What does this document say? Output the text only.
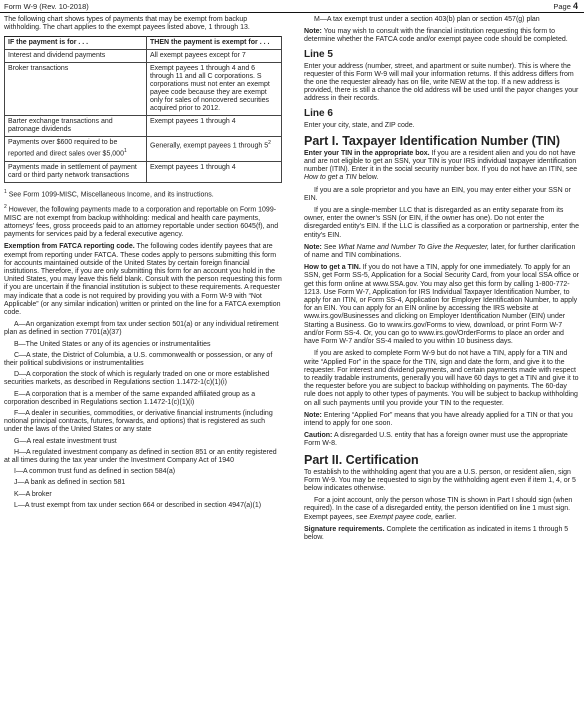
Form W-9 (Rev. 10-2018)	Page 4

The following chart shows types of payments that may be exempt from backup withholding. The chart applies to the exempt payees listed above, 1 through 13.

IF the payment is for . . .	THEN the payment is exempt for . . .
Interest and dividend payments	All exempt payees except for 7
Broker transactions	Exempt payees 1 through 4 and 6 through 11 and all C corporations. S corporations must not enter an exempt payee code because they are exempt only for sales of noncovered securities acquired prior to 2012.
Barter exchange transactions and patronage dividends	Exempt payees 1 through 4
Payments over $600 required to be reported and direct sales over $5,000$^1$	Generally, exempt payees 1 through $5^2$
Payments made in settlement of payment card or third party network transactions	Exempt payees 1 through 4

$^1$ See Form 1099-MISC, Miscellaneous Income, and its instructions.

$^2$ However, the following payments made to a corporation and reportable on Form 1099-MISC are not exempt from backup withholding: medical and health care payments, attorneys' fees, gross proceeds paid to an attorney reportable under section 6045(f), and payments for services paid by a federal executive agency.

Exemption from FATCA reporting code. The following codes identify payees that are exempt from reporting under FATCA. These codes apply to persons submitting this form for accounts maintained outside of the United States by certain foreign financial institutions. Therefore, if you are only submitting this form for an account you hold in the United States, you may leave this field blank. Consult with the person requesting this form if you are uncertain if the financial institution is subject to these requirements. A requester may indicate that a code is not required by providing you with a Form W-9 with “Not Applicable” (or any similar indication) written or printed on the line for a FATCA exemption code.

A—An organization exempt from tax under section 501(a) or any individual retirement plan as defined in section 7701(a)(37)

B—The United States or any of its agencies or instrumentalities

C—A state, the District of Columbia, a U.S. commonwealth or possession, or any of their political subdivisions or instrumentalities

D—A corporation the stock of which is regularly traded on one or more established securities markets, as described in Regulations section 1.1472-1(c)(1)(i)

E—A corporation that is a member of the same expanded affiliated group as a corporation described in Regulations section 1.1472-1(c)(1)(i)

F—A dealer in securities, commodities, or derivative financial instruments (including notional principal contracts, futures, forwards, and options) that is registered as such under the laws of the United States or any state

G—A real estate investment trust

H—A regulated investment company as defined in section 851 or an entity registered at all times during the tax year under the Investment Company Act of 1940

I—A common trust fund as defined in section 584(a)

J—A bank as defined in section 581

K—A broker

L—A trust exempt from tax under section 664 or described in section 4947(a)(1)

M—A tax exempt trust under a section 403(b) plan or section 457(g) plan

Note: You may wish to consult with the financial institution requesting this form to determine whether the FATCA code and/or exempt payee code should be completed.

Line 5

Enter your address (number, street, and apartment or suite number). This is where the requester of this Form W-9 will mail your information returns. If this address differs from the one the requester already has on file, write NEW at the top. If a new address is provided, there is still a chance the old address will be used until the payor changes your address in their records.

Line 6

Enter your city, state, and ZIP code.

Part I. Taxpayer Identification Number (TIN)

Enter your TIN in the appropriate box. If you are a resident alien and you do not have and are not eligible to get an SSN, your TIN is your IRS individual taxpayer identification number (ITIN). Enter it in the social security number box. If you do not have an ITIN, see How to get a TIN below.

If you are a sole proprietor and you have an EIN, you may enter either your SSN or EIN.

If you are a single-member LLC that is disregarded as an entity separate from its owner, enter the owner’s SSN (or EIN, if the owner has one). Do not enter the disregarded entity’s EIN. If the LLC is classified as a corporation or partnership, enter the entity’s EIN.

Note: See What Name and Number To Give the Requester, later, for further clarification of name and TIN combinations.

How to get a TIN. If you do not have a TIN, apply for one immediately. To apply for an SSN, get Form SS-5, Application for a Social Security Card, from your local SSA office or get this form online at www.SSA.gov. You may also get this form by calling 1-800-772-1213. Use Form W-7, Application for IRS Individual Taxpayer Identification Number, to apply for an ITIN, or Form SS-4, Application for Employer Identification Number, to apply for an EIN. You can apply for an EIN online by accessing the IRS website at www.irs.gov/Businesses and clicking on Employer Identification Number (EIN) under Starting a Business. Go to www.irs.gov/Forms to view, download, or print Form W-7 and/or Form SS-4. Or, you can go to www.irs.gov/OrderForms to place an order and have Form W-7 and/or SS-4 mailed to you within 10 business days.

If you are asked to complete Form W-9 but do not have a TIN, apply for a TIN and write “Applied For” in the space for the TIN, sign and date the form, and give it to the requester. For interest and dividend payments, and certain payments made with respect to readily tradable instruments, generally you will have 60 days to get a TIN and give it to the requester before you are subject to backup withholding on payments. The 60-day rule does not apply to other types of payments. You will be subject to backup withholding on all such payments until you provide your TIN to the requester.

Note: Entering “Applied For” means that you have already applied for a TIN or that you intend to apply for one soon.

Caution: A disregarded U.S. entity that has a foreign owner must use the appropriate Form W-8.

Part II. Certification

To establish to the withholding agent that you are a U.S. person, or resident alien, sign Form W-9. You may be requested to sign by the withholding agent even if item 1, 4, or 5 below indicates otherwise.

For a joint account, only the person whose TIN is shown in Part I should sign (when required). In the case of a disregarded entity, the person identified on line 1 must sign. Exempt payees, see Exempt payee code, earlier.

Signature requirements. Complete the certification as indicated in items 1 through 5 below.
